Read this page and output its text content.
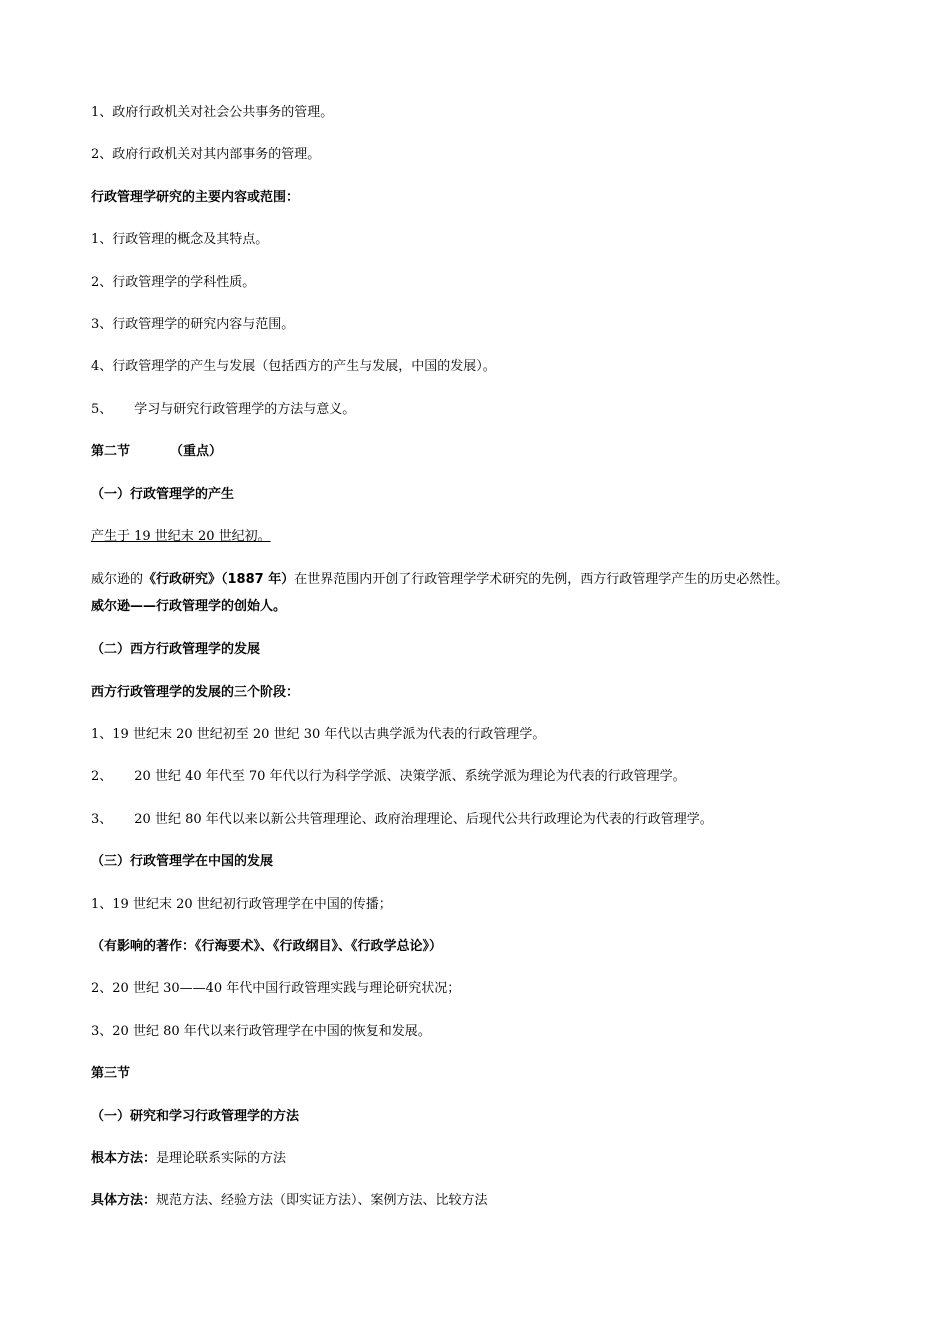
1、政府行政机关对社会公共事务的管理。
2、政府行政机关对其内部事务的管理。
行政管理学研究的主要内容或范围：
1、行政管理的概念及其特点。
2、行政管理学的学科性质。
3、行政管理学的研究内容与范围。
4、行政管理学的产生与发展（包括西方的产生与发展，中国的发展）。
5、 学习与研究行政管理学的方法与意义。
第二节	（重点）
（一）行政管理学的产生
产生于 19 世纪末 20 世纪初。
威尔逊的《行政研究》（1887 年）在世界范围内开创了行政管理学学术研究的先例，西方行政管理学产生的历史必然性。
威尔逊——行政管理学的创始人。
（二）西方行政管理学的发展
西方行政管理学的发展的三个阶段：
1、19 世纪末 20 世纪初至 20 世纪 30 年代以古典学派为代表的行政管理学。
2、 20 世纪 40 年代至 70 年代以行为科学学派、决策学派、系统学派为理论为代表的行政管理学。
3、 20 世纪 80 年代以来以新公共管理理论、政府治理理论、后现代公共行政理论为代表的行政管理学。
（三）行政管理学在中国的发展
1、19 世纪末 20 世纪初行政管理学在中国的传播；
（有影响的著作：《行海要术》、《行政纲目》、《行政学总论》）
2、20 世纪 30——40 年代中国行政管理实践与理论研究状况；
3、20 世纪 80 年代以来行政管理学在中国的恢复和发展。
第三节
（一）研究和学习行政管理学的方法
根本方法：是理论联系实际的方法
具体方法：规范方法、经验方法（即实证方法）、案例方法、比较方法
